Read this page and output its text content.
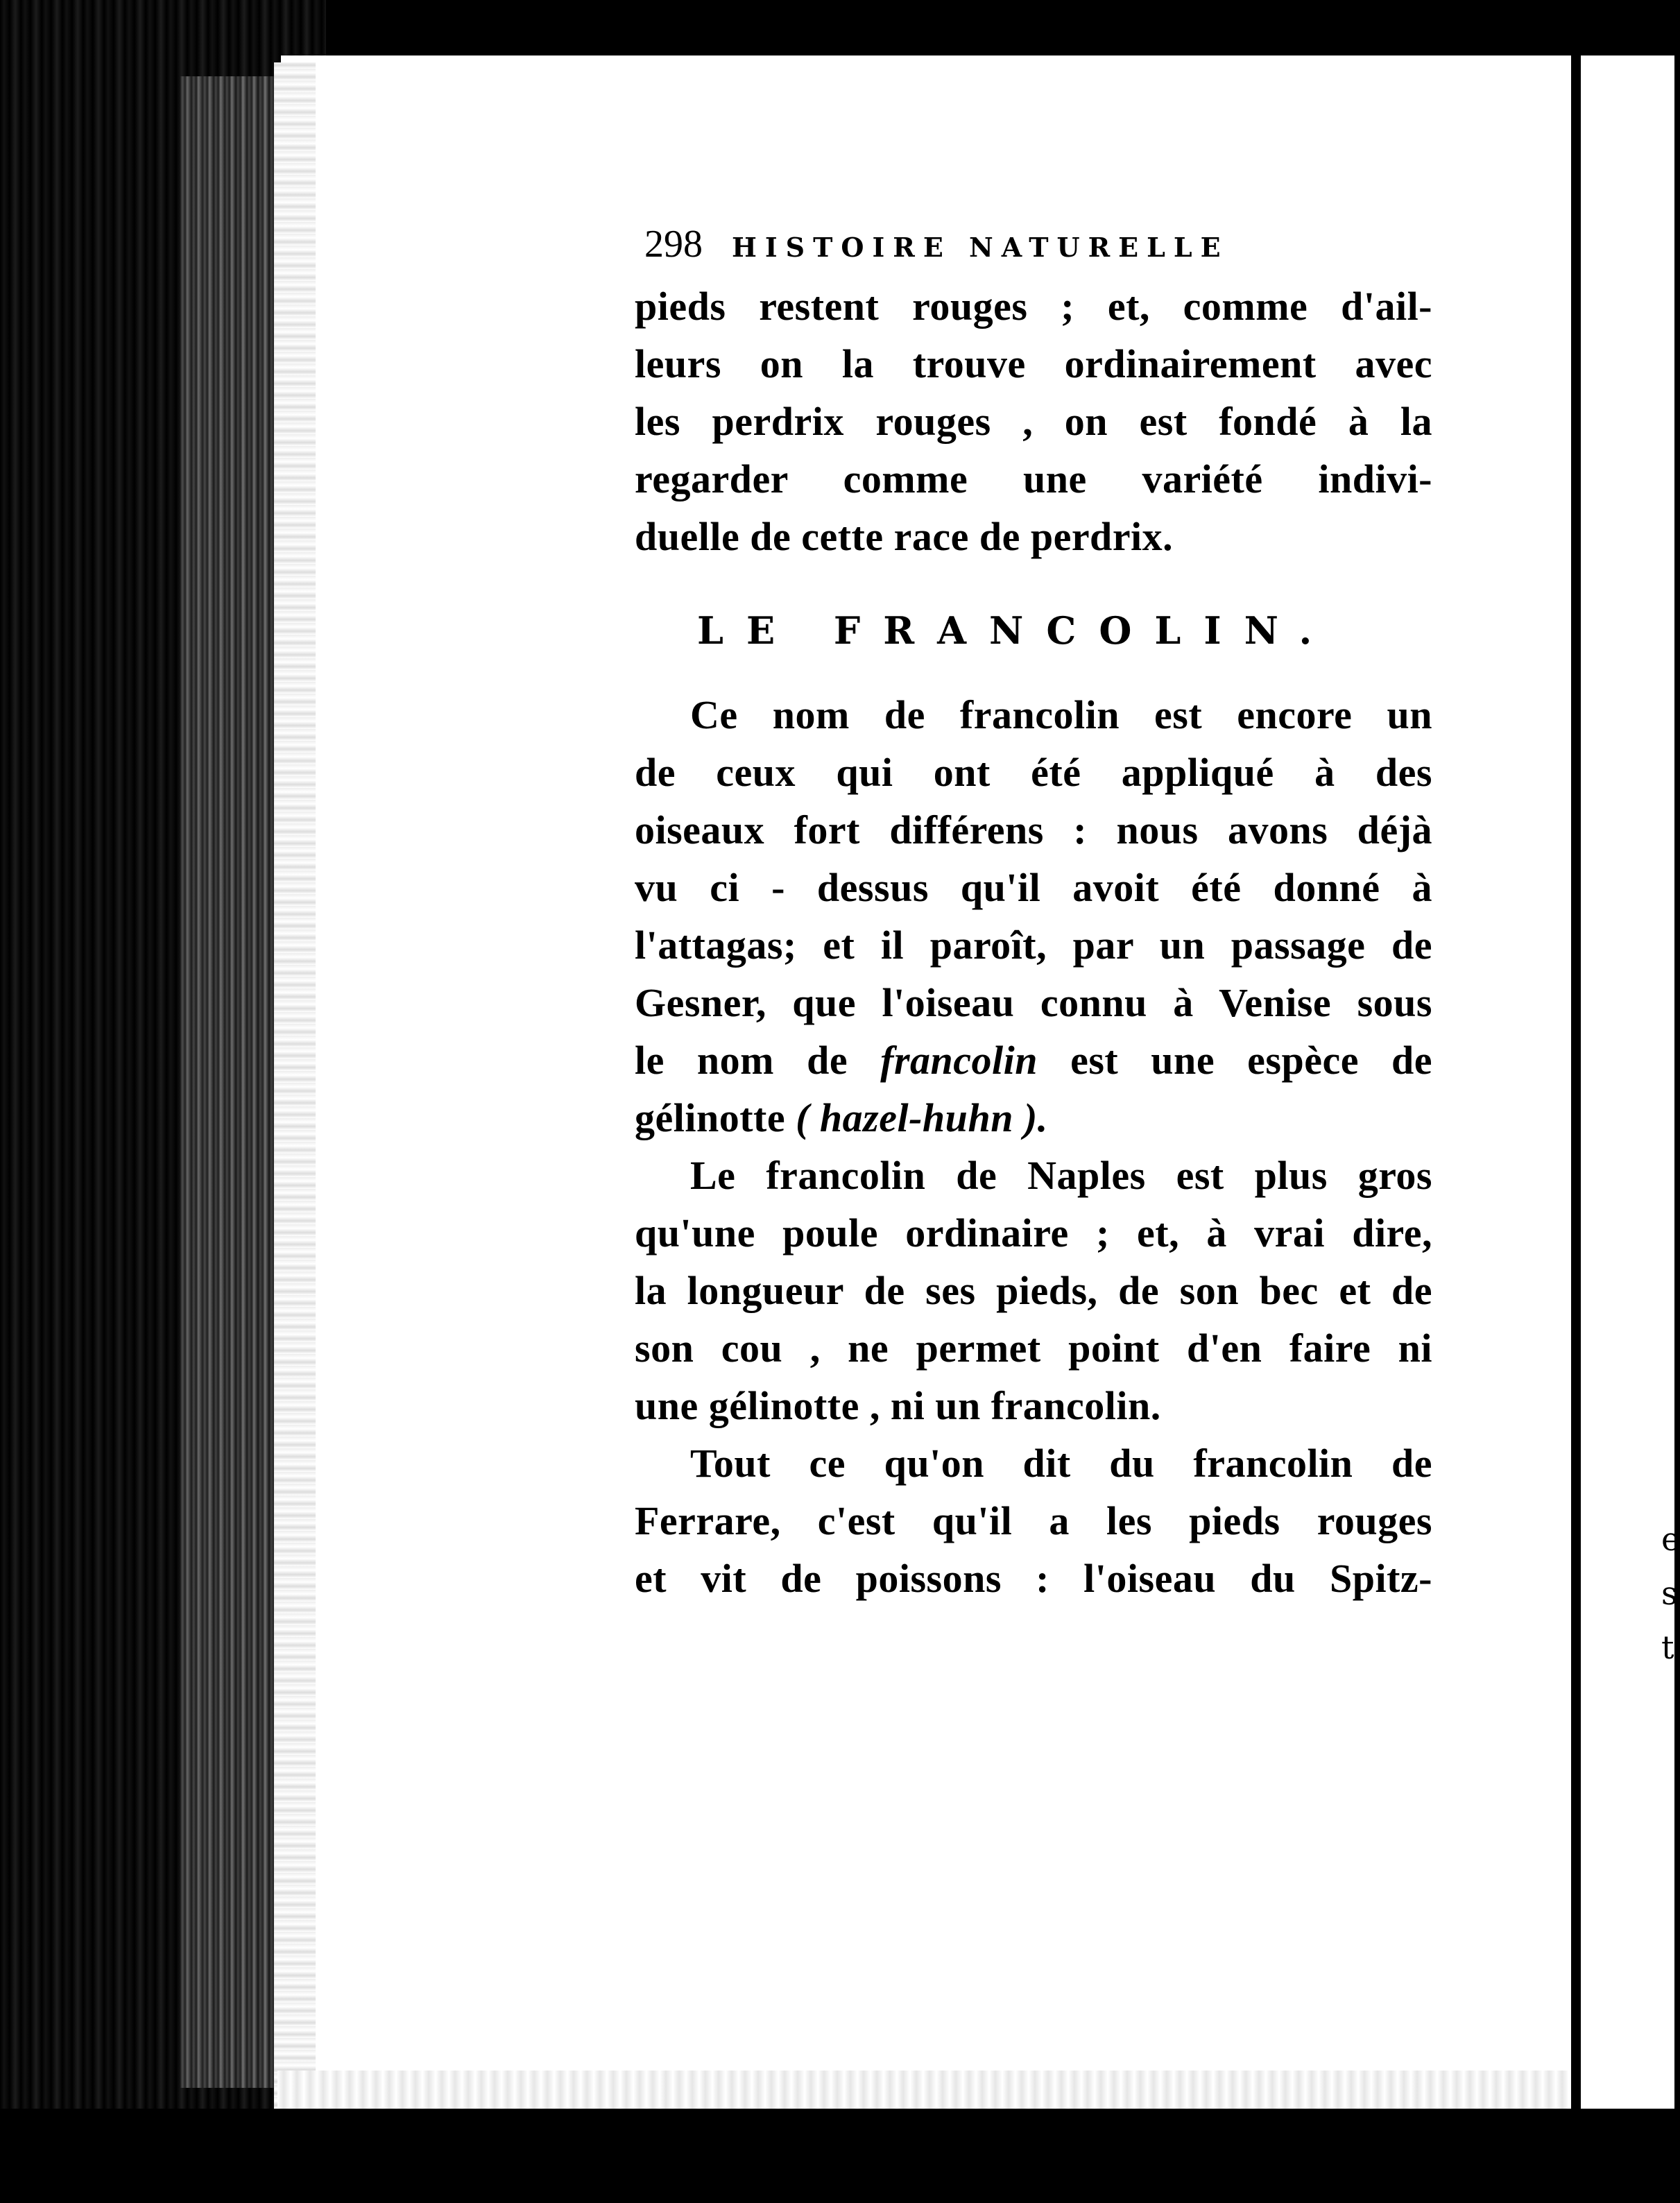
e
s
t
298 HISTOIRE NATURELLE
pieds restent rouges ; et, comme d'ail-
leurs on la trouve ordinairement avec
les perdrix rouges , on est fondé à la
regarder comme une variété indivi-
duelle de cette race de perdrix.
LE FRANCOLIN.
Ce nom de francolin est encore un
de ceux qui ont été appliqué à des
oiseaux fort différens : nous avons déjà
vu ci - dessus qu'il avoit été donné à
l'attagas; et il paroît, par un passage de
Gesner, que l'oiseau connu à Venise sous
le nom de francolin est une espèce de
gélinotte ( hazel-huhn ).
Le francolin de Naples est plus gros
qu'une poule ordinaire ; et, à vrai dire,
la longueur de ses pieds, de son bec et de
son cou , ne permet point d'en faire ni
une gélinotte , ni un francolin.
Tout ce qu'on dit du francolin de
Ferrare, c'est qu'il a les pieds rouges
et vit de poissons : l'oiseau du Spitz-
